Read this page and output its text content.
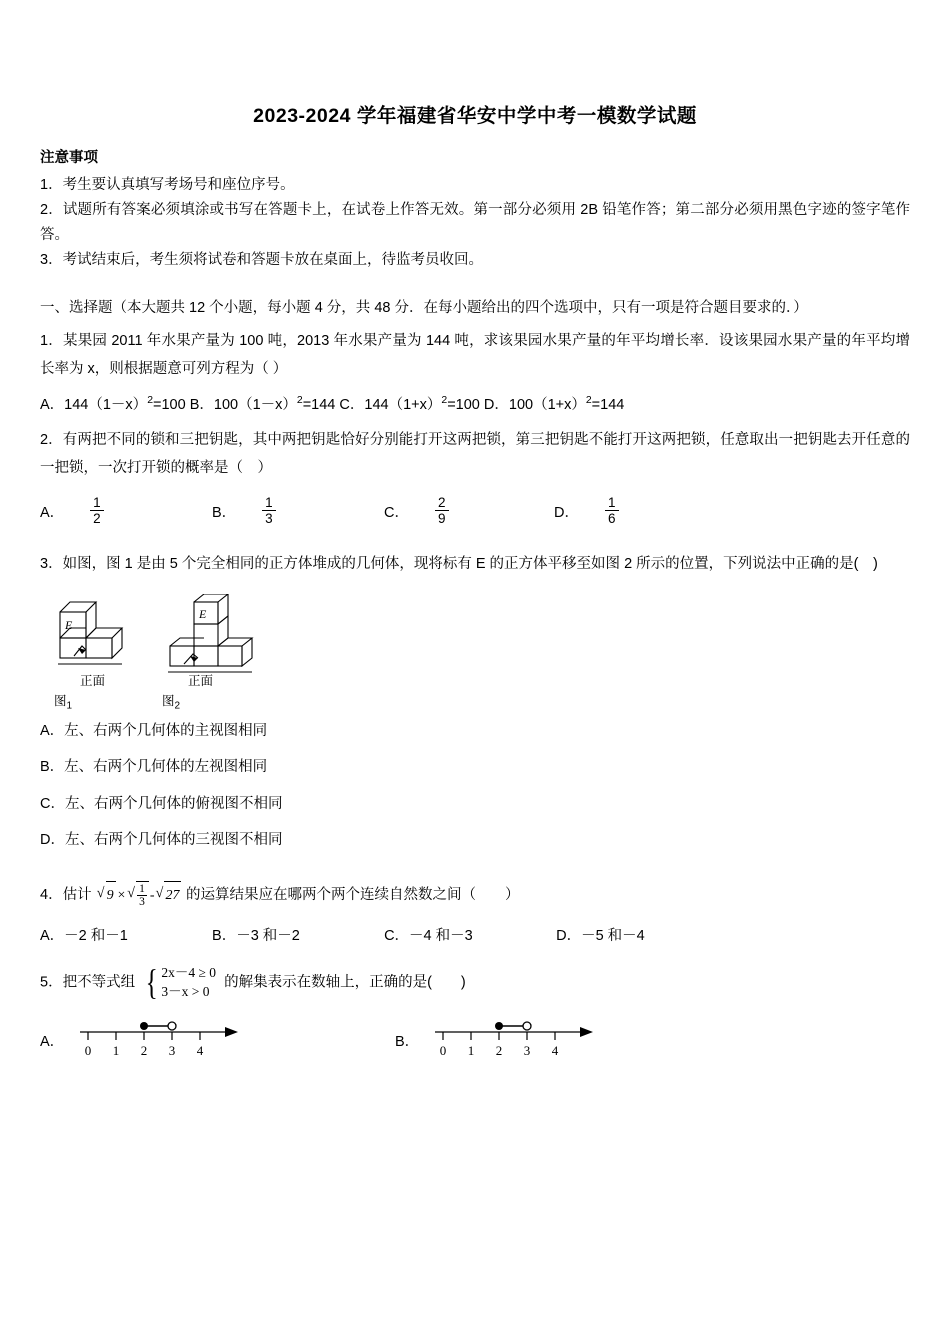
2023-2024 学年福建省华安中学中考一模数学试题
注意事项

1．考生要认真填写考场号和座位序号。

2．试题所有答案必须填涂或书写在答题卡上，在试卷上作答无效。第一部分必须用 2B 铅笔作答；第二部分必须用黑色字迹的签字笔作答。

3．考试结束后，考生须将试卷和答题卡放在桌面上，待监考员收回。

一、选择题（本大题共 12 个小题，每小题 4 分，共 48 分．在每小题给出的四个选项中，只有一项是符合题目要求的．）

1．某果园 2011 年水果产量为 100 吨，2013 年水果产量为 144 吨，求该果园水果产量的年平均增长率．设该果园水果产量的年平均增长率为 x，则根据题意可列方程为（ ）

A．$144(1-x)^2=100$ B．$100(1-x)^2=144$ C．$144(1+x)^2=100$ D．$100(1+x)^2=144$

2．有两把不同的锁和三把钥匙，其中两把钥匙恰好分别能打开这两把锁，第三把钥匙不能打开这两把锁，任意取出一把钥匙去开任意的一把锁，一次打开锁的概率是（　）

A． $\frac{1}{2}$	B． $\frac{1}{3}$	C． $\frac{2}{9}$	D． $\frac{1}{6}$

3．如图，图 1 是由 5 个完全相同的正方体堆成的几何体，现将标有 E 的正方体平移至如图 2 所示的位置，下列说法中正确的是(　)

E
正面
图$_1$
E
正面
图$_2$
A．左、右两个几何体的主视图相同
B．左、右两个几何体的左视图相同
C．左、右两个几何体的俯视图不相同
D．左、右两个几何体的三视图不相同

4．估计 √ 9 × √ $\frac{1}{3}$ - √ 27 的运算结果应在哪两个两个连续自然数之间（　　）

A．－2 和－1	B．－3 和－2	C．－4 和－3	D．－5 和－4

5．把不等式组 { 2x－4 ≥ 0
3－x > 0
的解集表示在数轴上，正确的是(　　)

A．
0 1 2 3 4
B．
0 1 2 3 4
